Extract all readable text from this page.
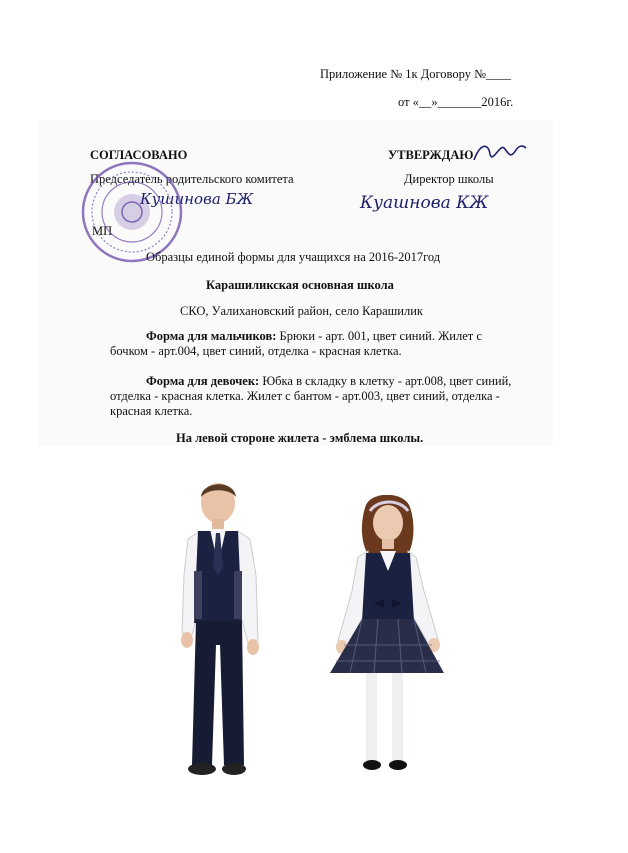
Приложение № 1к Договору №____
от «__»_______2016г.
СОГЛАСОВАНО
Председатель родительского комитета
Кушинова БЖ
МП
УТВЕРЖДАЮ
Директор школы
Куашнова КЖ
Образцы единой формы для учащихся на 2016-2017год
Карашиликская основная школа
СКО, Уалихановский район, село Карашилик
Форма для мальчиков: Брюки - арт. 001, цвет синий. Жилет с
бочком - арт.004, цвет синий, отделка - красная клетка.
Форма для девочек: Юбка в складку в клетку - арт.008, цвет синий,
отделка - красная клетка. Жилет с бантом - арт.003, цвет синий, отделка -
красная клетка.
На левой стороне жилета - эмблема школы.
